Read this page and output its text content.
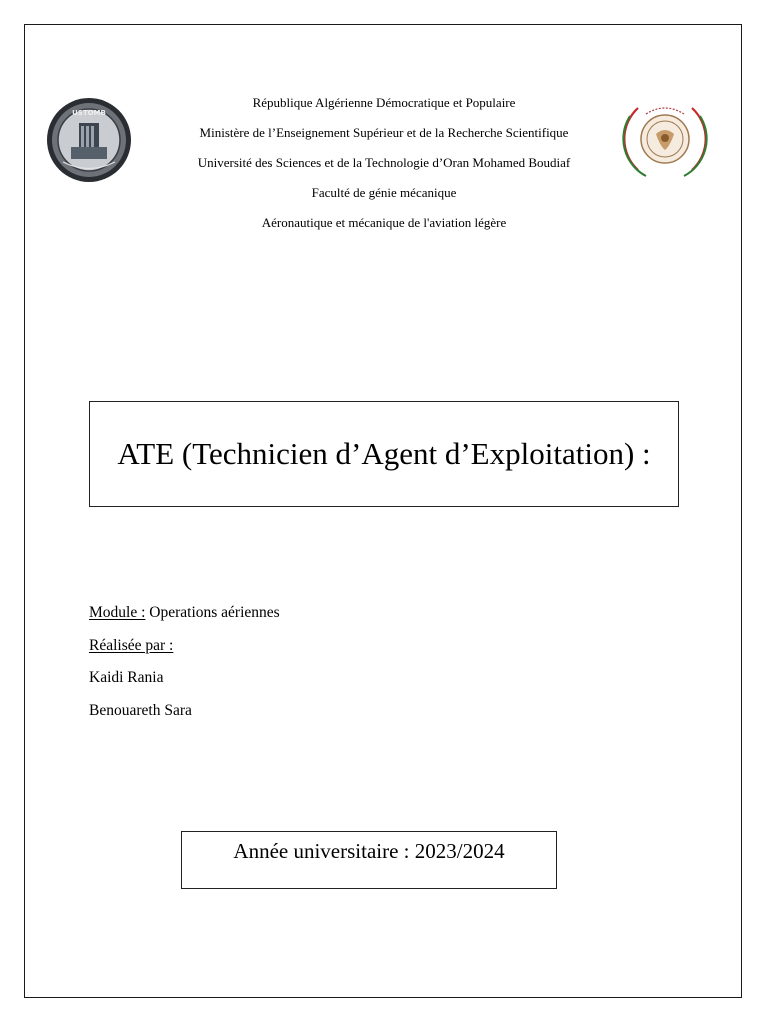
USTOMB
République Algérienne Démocratique et Populaire
Ministère de l’Enseignement Supérieur et de la Recherche Scientifique
Université des Sciences et de la Technologie d’Oran Mohamed Boudiaf
Faculté de génie mécanique
Aéronautique et mécanique de l'aviation légère
ATE (Technicien d’Agent d’Exploitation) :
Module : Operations aériennes
Réalisée par :
Kaidi Rania
Benouareth Sara
Année universitaire : 2023/2024
